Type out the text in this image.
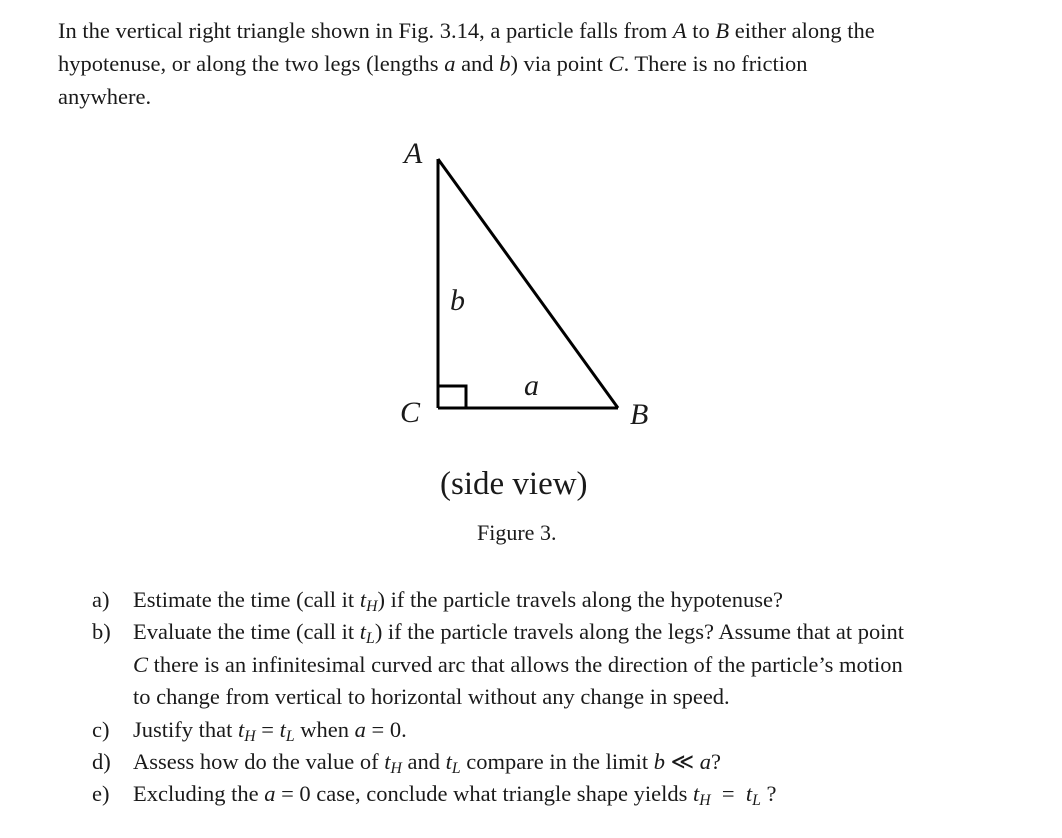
In the vertical right triangle shown in Fig. 3.14, a particle falls from A to B either along the
hypotenuse, or along the two legs (lengths a and b) via point C. There is no friction
anywhere.
A
C	B
b
a
(side view)
Figure 3.
a) Estimate the time (call it $t_H$) if the particle travels along the hypotenuse?
b) Evaluate the time (call it $t_L$) if the particle travels along the legs? Assume that at point
C there is an infinitesimal curved arc that allows the direction of the particle’s motion
to change from vertical to horizontal without any change in speed.
c) Justify that $t_H = t_L$ when a = 0.
d) Assess how do the value of $t_H$ and $t_L$ compare in the limit b ≪ a?
e) Excluding the a = 0 case, conclude what triangle shape yields $t_H = t_L$ ?
